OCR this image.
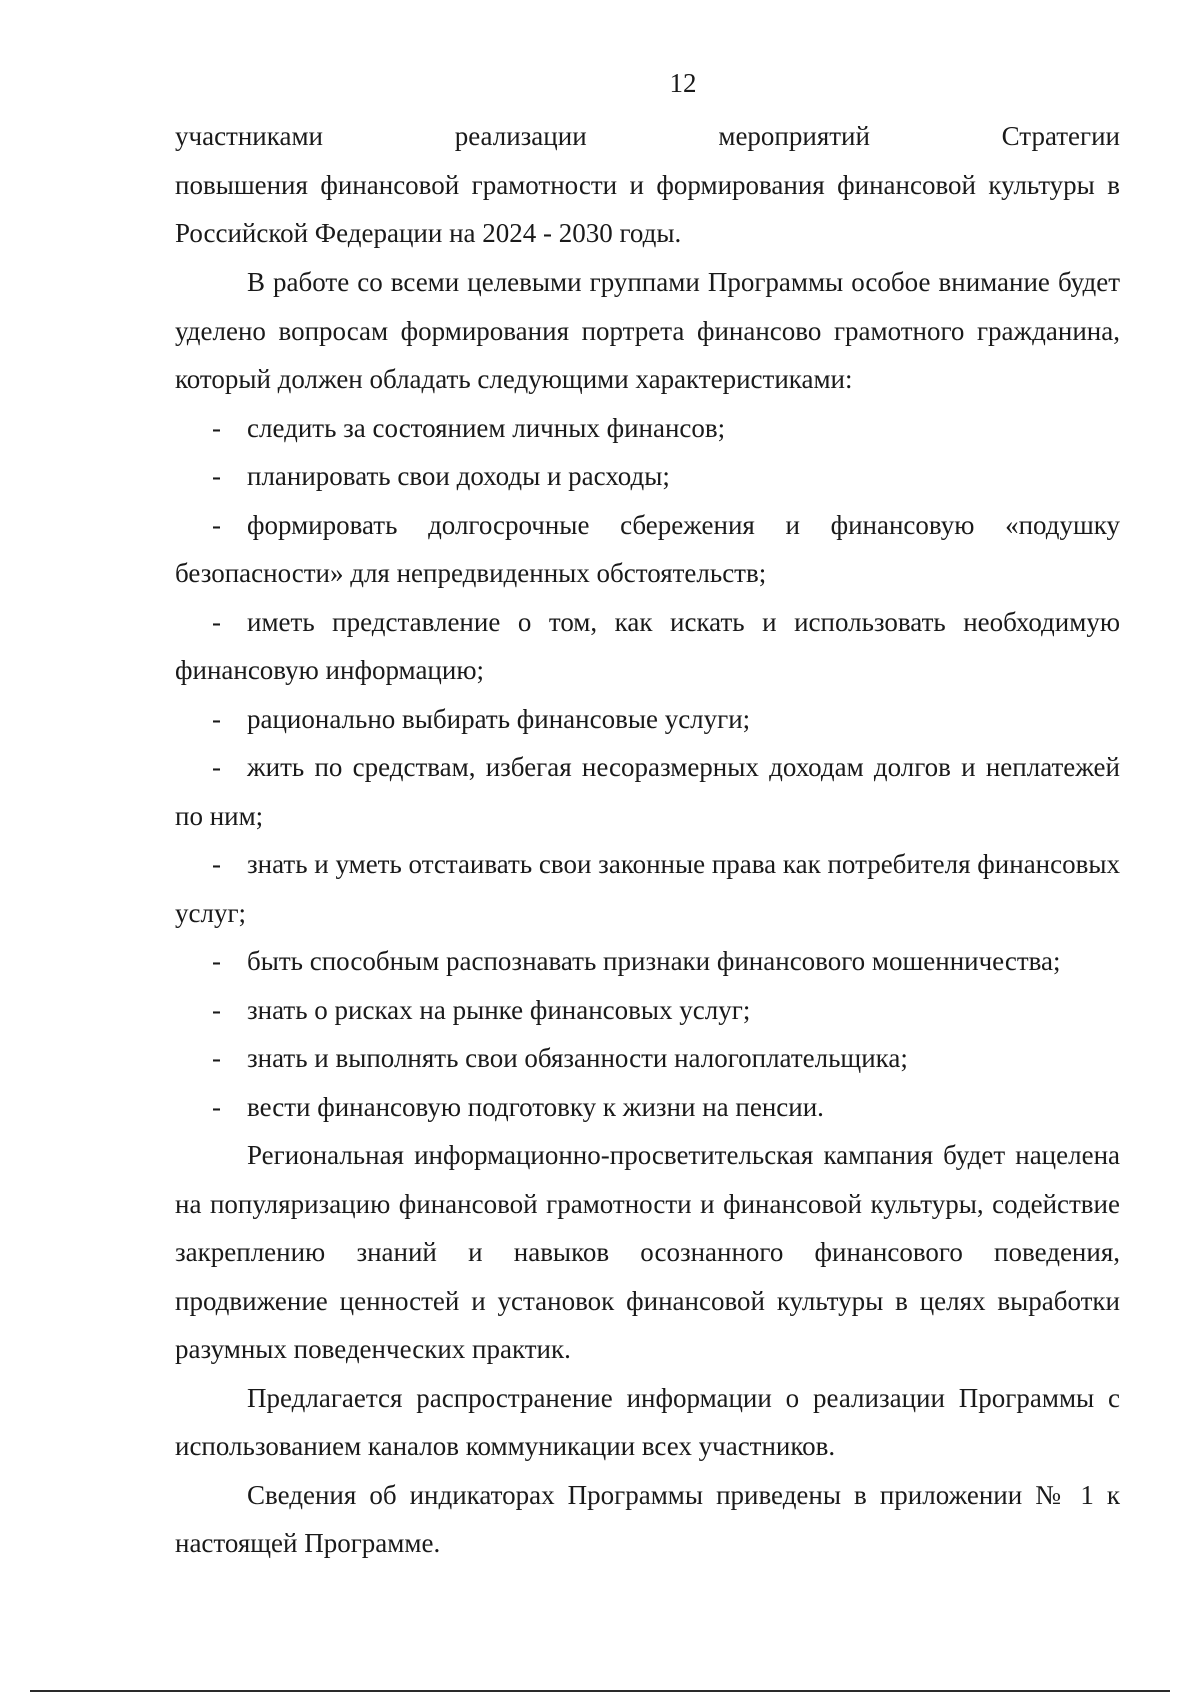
12
участниками	реализации	мероприятий	Стратегии

повышения финансовой грамотности и формирования финансовой культуры в Российской Федерации на 2024 - 2030 годы.

В работе со всеми целевыми группами Программы особое внимание будет уделено вопросам формирования портрета финансово грамотного гражданина, который должен обладать следующими характеристиками:

- следить за состоянием личных финансов;
- планировать свои доходы и расходы;
- формировать долгосрочные сбережения и финансовую «подушку безопасности» для непредвиденных обстоятельств;
- иметь представление о том, как искать и использовать необходимую финансовую информацию;
- рационально выбирать финансовые услуги;
- жить по средствам, избегая несоразмерных доходам долгов и неплатежей по ним;
- знать и уметь отстаивать свои законные права как потребителя финансовых услуг;
- быть способным распознавать признаки финансового мошенничества;
- знать о рисках на рынке финансовых услуг;
- знать и выполнять свои обязанности налогоплательщика;
- вести финансовую подготовку к жизни на пенсии.

Региональная информационно-просветительская кампания будет нацелена на популяризацию финансовой грамотности и финансовой культуры, содействие закреплению знаний и навыков осознанного финансового поведения, продвижение ценностей и установок финансовой культуры в целях выработки разумных поведенческих практик.

Предлагается распространение информации о реализации Программы с использованием каналов коммуникации всех участников.

Сведения об индикаторах Программы приведены в приложении № 1 к настоящей Программе.
